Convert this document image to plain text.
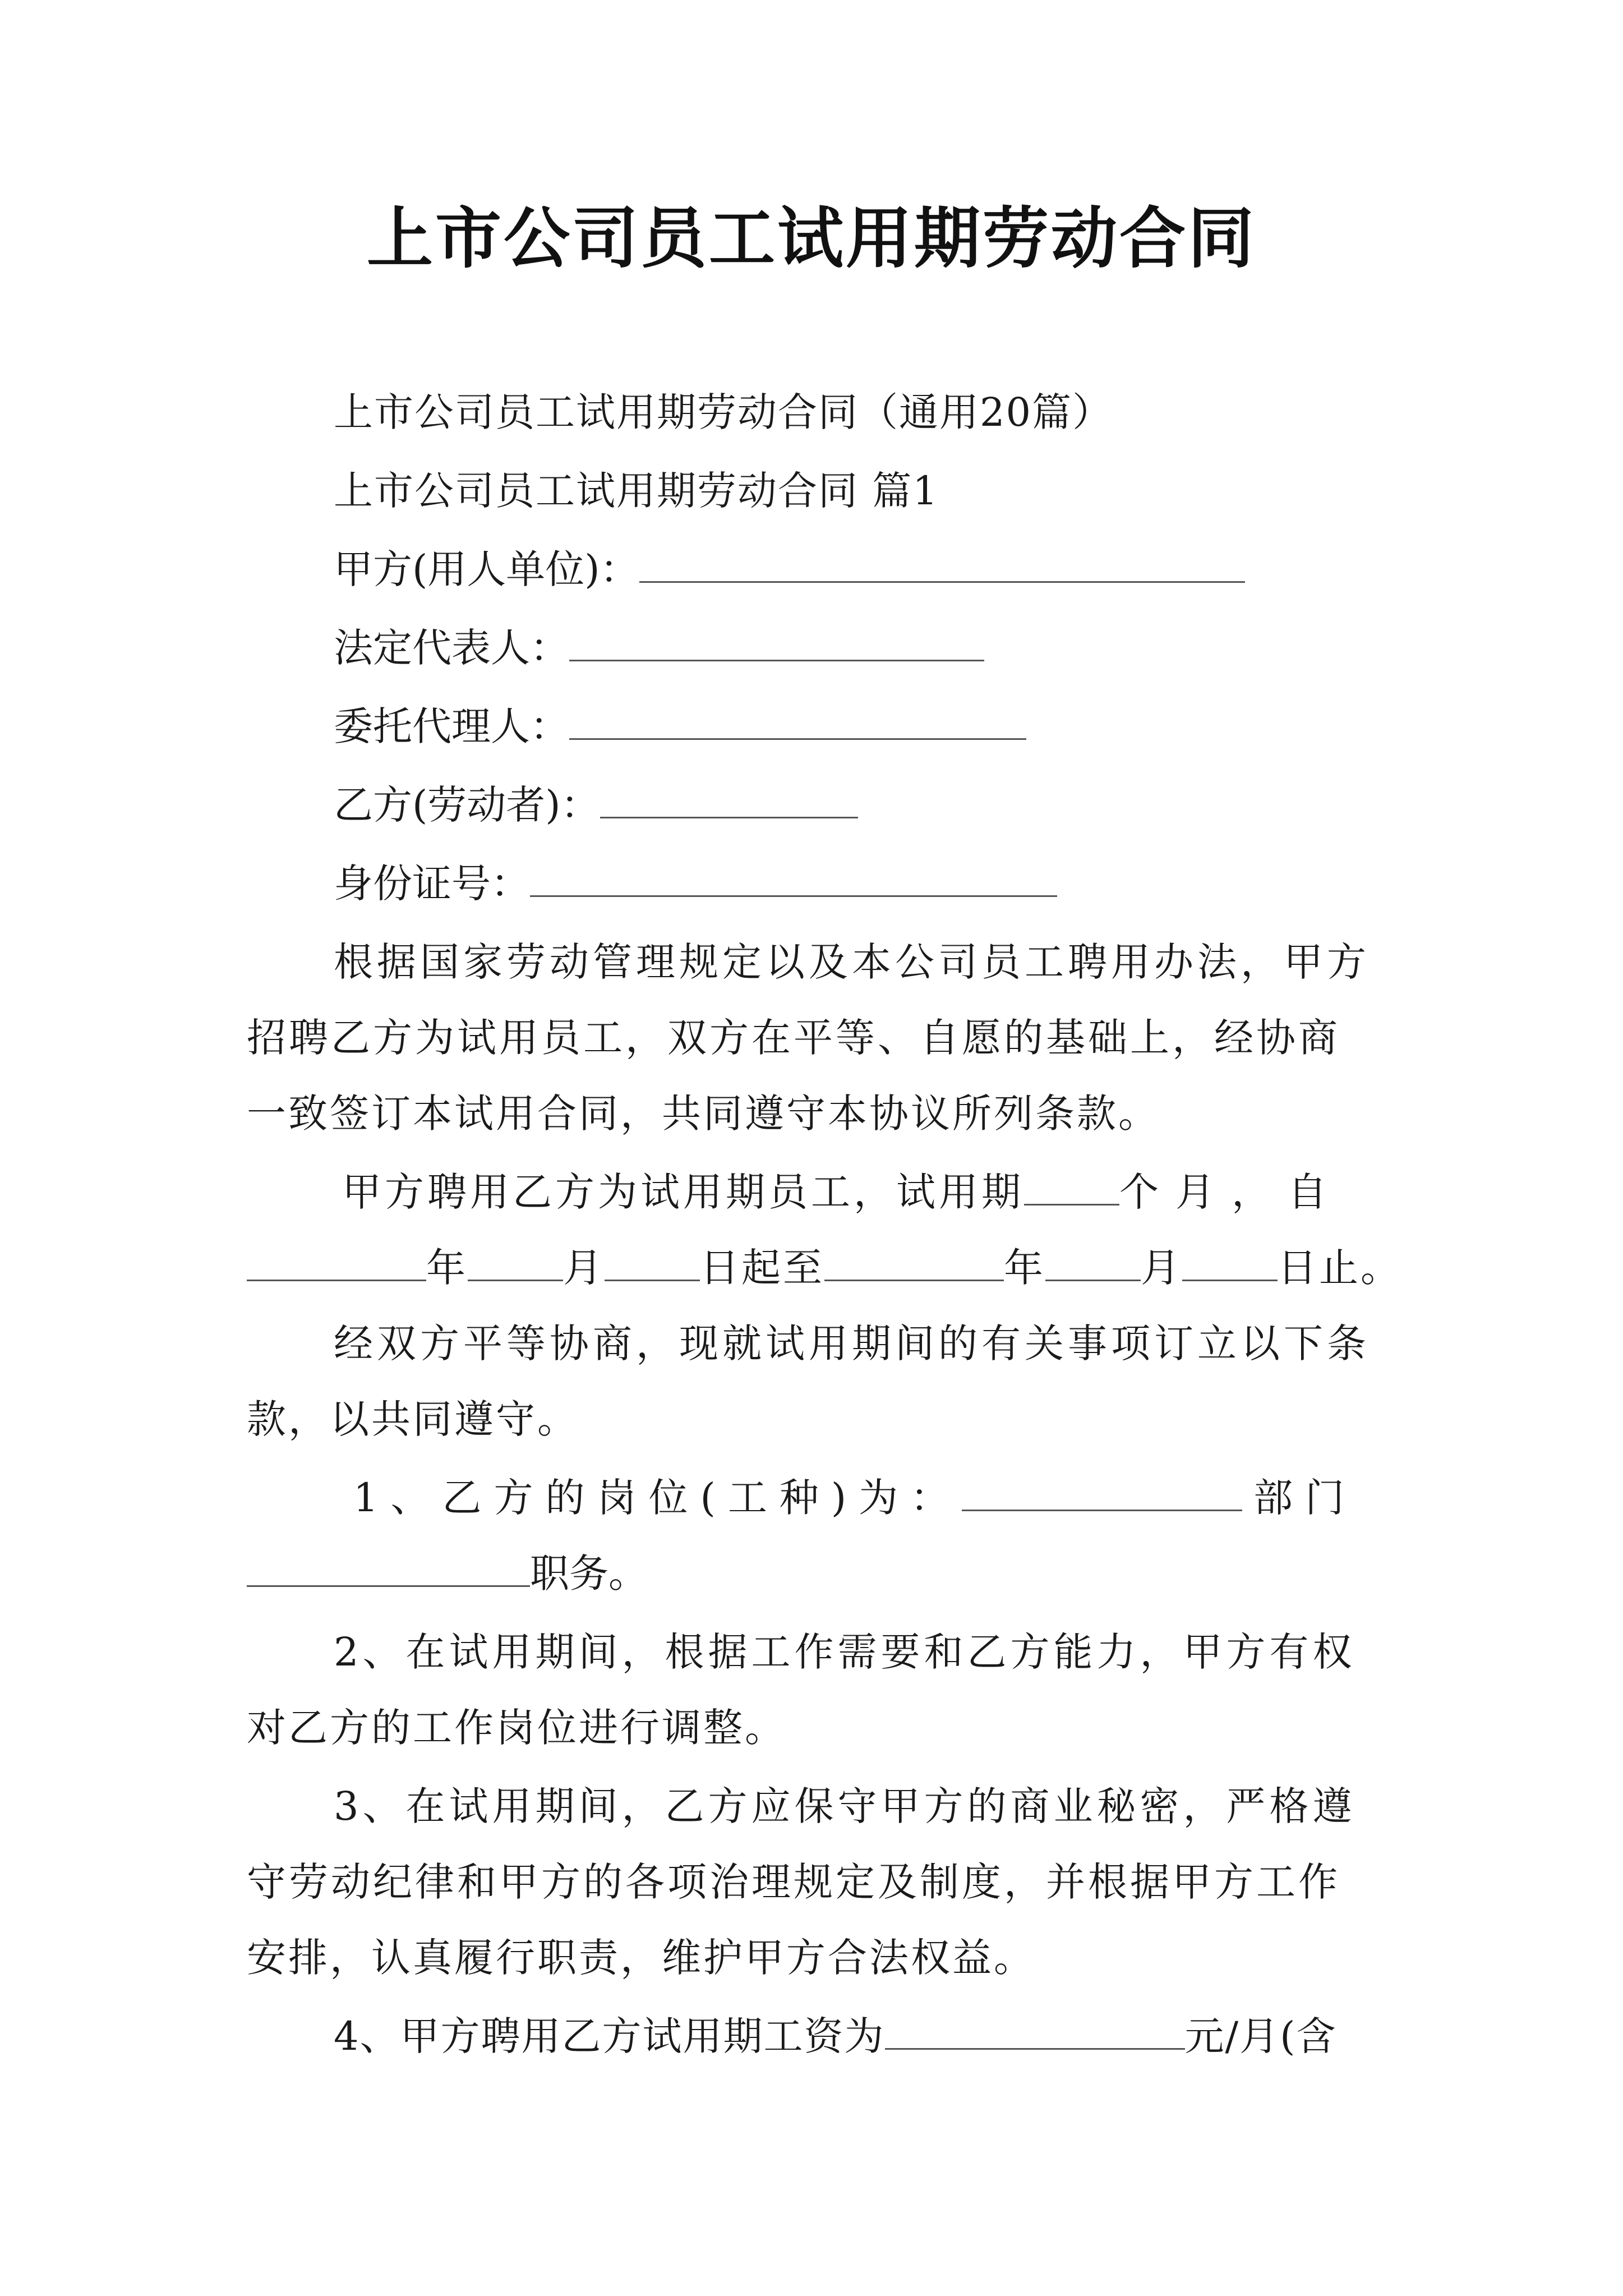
上市公司员工试用期劳动合同
上市公司员工试用期劳动合同（通用20篇）
上市公司员工试用期劳动合同 篇1
甲方(用人单位)：
法定代表人：
委托代理人：
乙方(劳动者)：
身份证号：
根据国家劳动管理规定以及本公司员工聘用办法，甲方
招聘乙方为试用员工，双方在平等、自愿的基础上，经协商
一致签订本试用合同，共同遵守本协议所列条款。
甲方聘用乙方为试用期员工，试用期 个月，自
年 月 日起至	年 月 日止。
经双方平等协商，现就试用期间的有关事项订立以下条
款，以共同遵守。
1、乙方的岗位(工种)为：	部门
职务。
2、在试用期间，根据工作需要和乙方能力，甲方有权
对乙方的工作岗位进行调整。
3、在试用期间，乙方应保守甲方的商业秘密，严格遵
守劳动纪律和甲方的各项治理规定及制度，并根据甲方工作
安排，认真履行职责，维护甲方合法权益。
4、甲方聘用乙方试用期工资为	元/月(含
